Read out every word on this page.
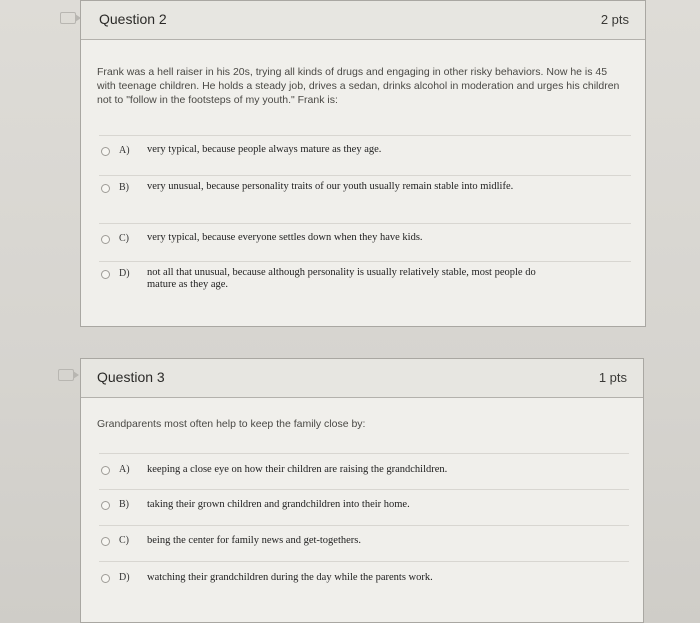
Question 2	2 pts
Frank was a hell raiser in his 20s, trying all kinds of drugs and engaging in other risky behaviors. Now he is 45 with teenage children. He holds a steady job, drives a sedan, drinks alcohol in moderation and urges his children not to "follow in the footsteps of my youth." Frank is:
A) very typical, because people always mature as they age.
B) very unusual, because personality traits of our youth usually remain stable into midlife.
C) very typical, because everyone settles down when they have kids.
D) not all that unusual, because although personality is usually relatively stable, most people do mature as they age.
Question 3	1 pts
Grandparents most often help to keep the family close by:
A) keeping a close eye on how their children are raising the grandchildren.
B) taking their grown children and grandchildren into their home.
C) being the center for family news and get-togethers.
D) watching their grandchildren during the day while the parents work.
